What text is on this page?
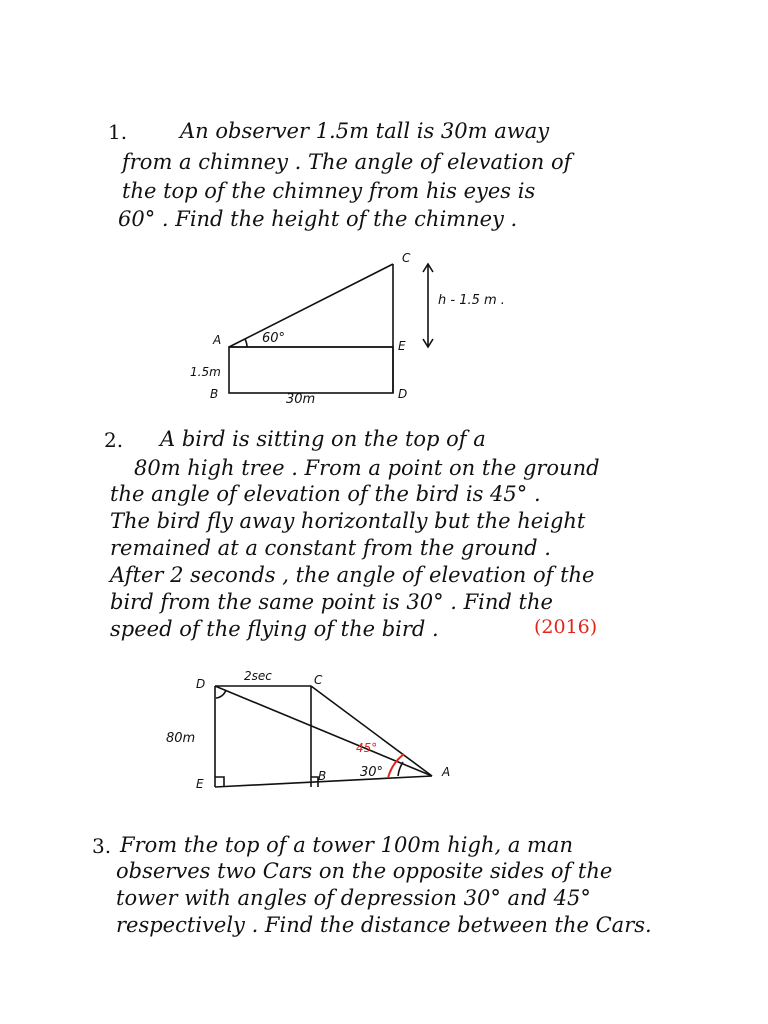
1.	An observer 1.5m tall is 30m away
from a chimney . The angle of elevation of
the top of the chimney from his eyes is
60° . Find the height of the chimney .
A
B
C
D
E
60°
1.5m
30m
h - 1.5 m .
2. A bird is sitting on the top of a
80m high tree . From a point on the ground
the angle of elevation of the bird is 45° .
The bird fly away horizontally but the height
remained at a constant from the ground .
After 2 seconds , the angle of elevation of the
bird from the same point is 30° . Find the
speed of the flying of the bird .	(2016)
D	C
E
B	A
2sec
80m
45°
30°
3. From the top of a tower 100m high, a man
observes two Cars on the opposite sides of the
tower with angles of depression 30° and 45°
respectively . Find the distance between the Cars.
